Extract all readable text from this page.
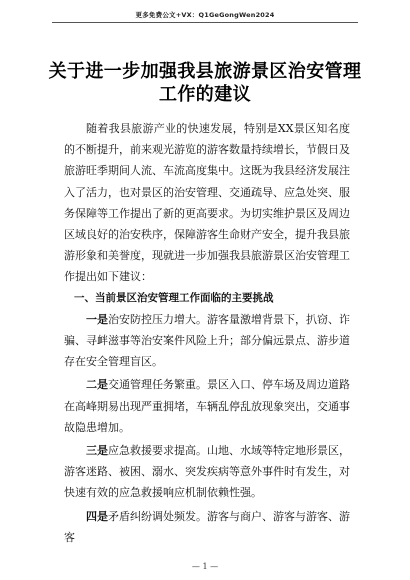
更多免费公文+VX：Q1GeGongWen2024
关于进一步加强我县旅游景区治安管理工作的建议

随着我县旅游产业的快速发展，特别是XX景区知名度的不断提升，前来观光游览的游客数量持续增长，节假日及旅游旺季期间人流、车流高度集中。这既为我县经济发展注入了活力，也对景区的治安管理、交通疏导、应急处突、服务保障等工作提出了新的更高要求。为切实维护景区及周边区域良好的治安秩序，保障游客生命财产安全，提升我县旅游形象和美誉度，现就进一步加强我县旅游景区治安管理工作提出如下建议：

一、当前景区治安管理工作面临的主要挑战

一是治安防控压力增大。游客量激增背景下，扒窃、诈骗、寻衅滋事等治安案件风险上升；部分偏远景点、游步道存在安全管理盲区。

二是交通管理任务繁重。景区入口、停车场及周边道路在高峰期易出现严重拥堵，车辆乱停乱放现象突出，交通事故隐患增加。

三是应急救援要求提高。山地、水域等特定地形景区，游客迷路、被困、溺水、突发疾病等意外事件时有发生，对快速有效的应急救援响应机制依赖性强。

四是矛盾纠纷调处频发。游客与商户、游客与游客、游客

— 1 —
